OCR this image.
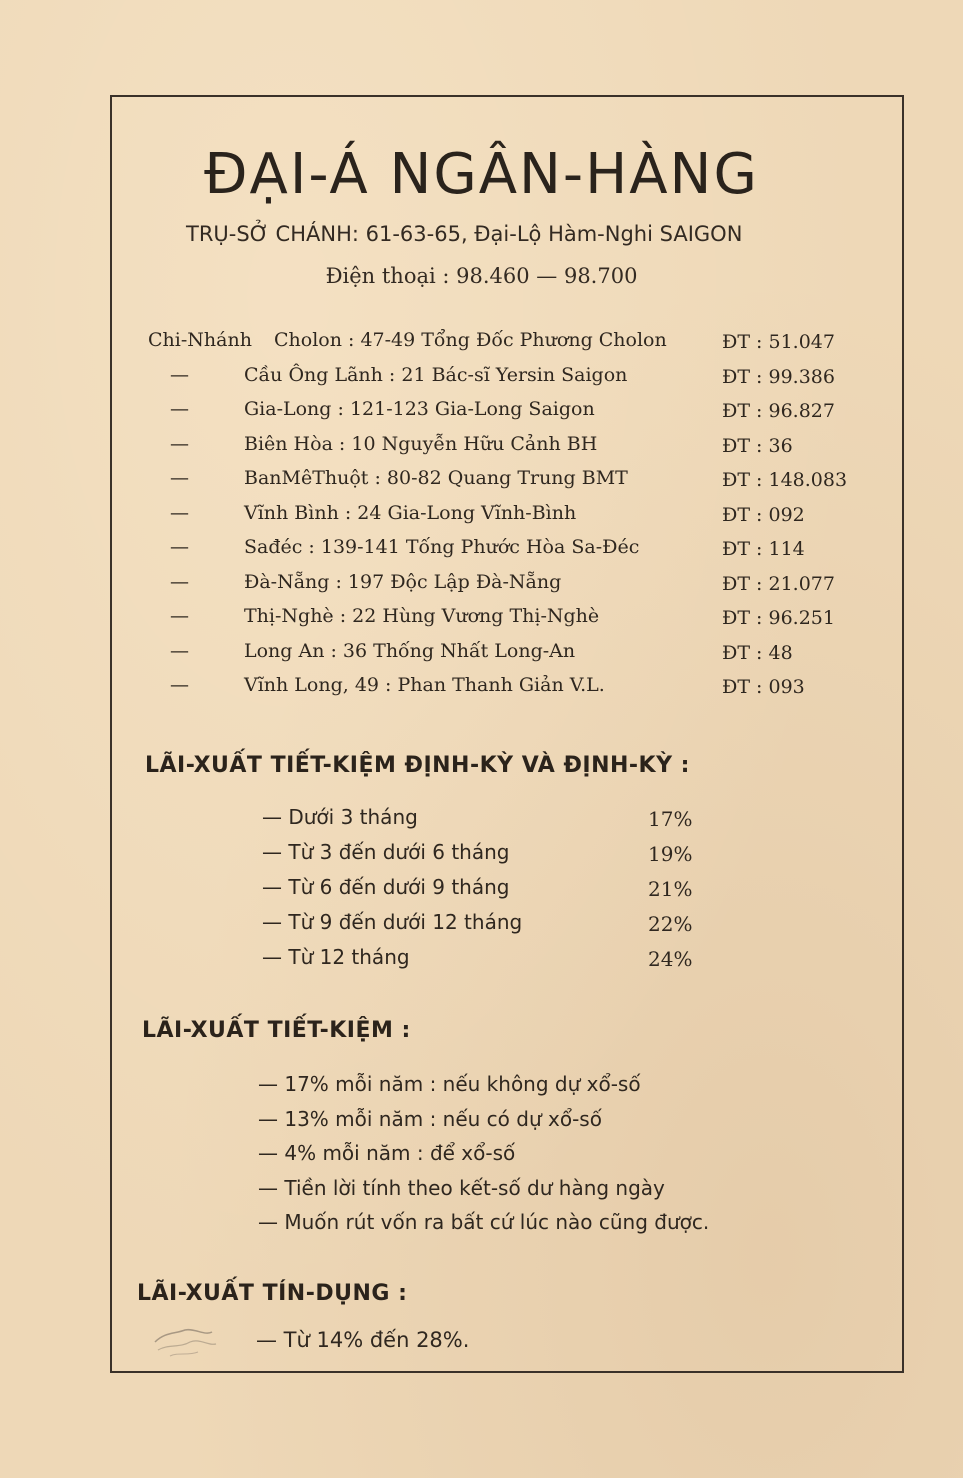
ĐẠI-Á NGÂN-HÀNG
TRỤ-SỞ CHÁNH: 61-63-65, Đại-Lộ Hàm-Nghi SAIGON
Điện thoại : 98.460 — 98.700
Chi-Nhánh Cholon : 47-49 Tổng Đốc Phương Cholon	ĐT : 51.047
—	Cầu Ông Lãnh : 21 Bác-sĩ Yersin Saigon	ĐT : 99.386
—	Gia-Long : 121-123 Gia-Long Saigon	ĐT : 96.827
—	Biên Hòa : 10 Nguyễn Hữu Cảnh BH	ĐT : 36
—	BanMêThuột : 80-82 Quang Trung BMT	ĐT : 148.083
—	Vĩnh Bình : 24 Gia-Long Vĩnh-Bình	ĐT : 092
—	Sađéc : 139-141 Tống Phước Hòa Sa-Đéc	ĐT : 114
—	Đà-Nẵng : 197 Độc Lập Đà-Nẵng	ĐT : 21.077
—	Thị-Nghè : 22 Hùng Vương Thị-Nghè	ĐT : 96.251
—	Long An : 36 Thống Nhất Long-An	ĐT : 48
—	Vĩnh Long, 49 : Phan Thanh Giản V.L.	ĐT : 093
LÃI-XUẤT TIẾT-KIỆM ĐỊNH-KỲ VÀ ĐỊNH-KỲ :
— Dưới 3 tháng	17%
— Từ 3 đến dưới 6 tháng	19%
— Từ 6 đến dưới 9 tháng	21%
— Từ 9 đến dưới 12 tháng	22%
— Từ 12 tháng	24%
LÃI-XUẤT TIẾT-KIỆM :
— 17% mỗi năm : nếu không dự xổ-số
— 13% mỗi năm : nếu có dự xổ-số
— 4% mỗi năm : để xổ-số
— Tiền lời tính theo kết-số dư hàng ngày
— Muốn rút vốn ra bất cứ lúc nào cũng được.
LÃI-XUẤT TÍN-DỤNG :
— Từ 14% đến 28%.
